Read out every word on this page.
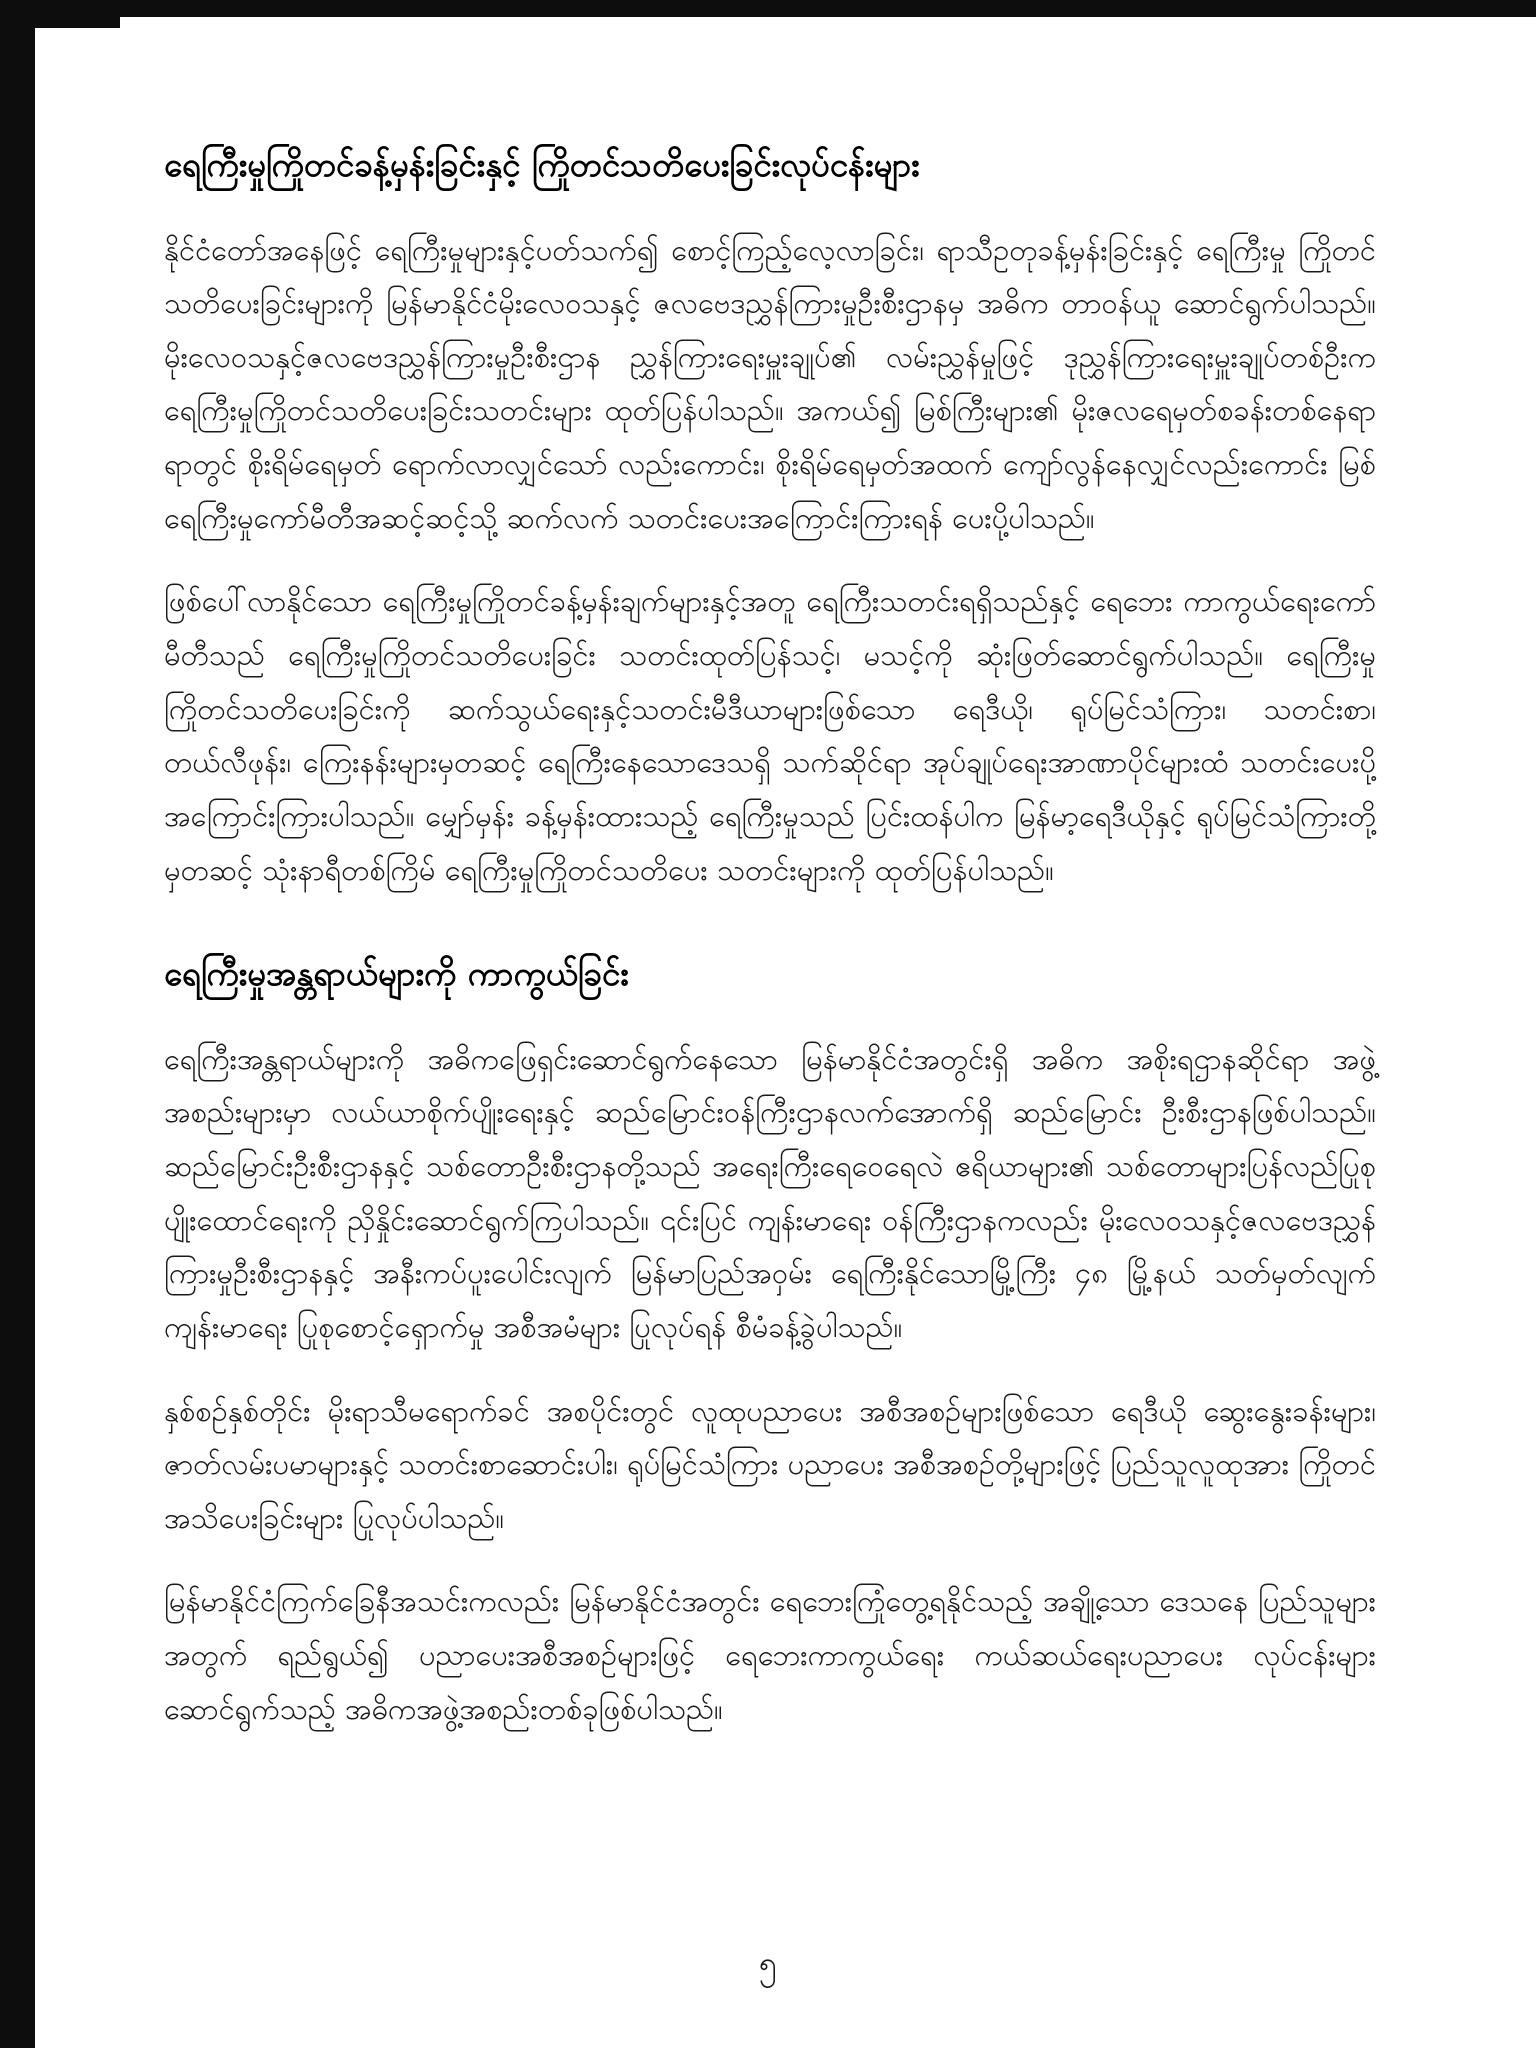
ရေကြီးမှုကြိုတင်ခန့်မှန်းခြင်းနှင့် ကြိုတင်သတိပေးခြင်းလုပ်ငန်းများ

နိုင်ငံတော်အနေဖြင့် ရေကြီးမှုများနှင့်ပတ်သက်၍ စောင့်ကြည့်လေ့လာခြင်း၊ ရာသီဥတုခန့်မှန်းခြင်းနှင့် ရေကြီးမှု ကြိုတင်သတိပေးခြင်းများကို မြန်မာနိုင်ငံမိုးလေဝသနှင့် ဇလဗေဒညွှန်ကြားမှုဦးစီးဌာနမှ အဓိက တာဝန်ယူ ဆောင်ရွက်ပါသည်။ မိုးလေဝသနှင့်ဇလဗေဒညွှန်ကြားမှုဦးစီးဌာန ညွှန်ကြားရေးမှူးချုပ်၏ လမ်းညွှန်မှုဖြင့် ဒုညွှန်ကြားရေးမှူးချုပ်တစ်ဦးက ရေကြီးမှုကြိုတင်သတိပေးခြင်းသတင်းများ ထုတ်ပြန်ပါသည်။ အကယ်၍ မြစ်ကြီးများ၏ မိုးဇလရေမှတ်စခန်းတစ်နေရာရာတွင် စိုးရိမ်ရေမှတ် ရောက်လာလျှင်သော် လည်းကောင်း၊ စိုးရိမ်ရေမှတ်အထက် ကျော်လွန်နေလျှင်လည်းကောင်း မြစ်ရေကြီးမှုကော်မီတီအဆင့်ဆင့်သို့ ဆက်လက် သတင်းပေးအကြောင်းကြားရန် ပေးပို့ပါသည်။

ဖြစ်ပေါ်လာနိုင်သော ရေကြီးမှုကြိုတင်ခန့်မှန်းချက်များနှင့်အတူ ရေကြီးသတင်းရရှိသည်နှင့် ရေဘေး ကာကွယ်ရေးကော်မီတီသည် ရေကြီးမှုကြိုတင်သတိပေးခြင်း သတင်းထုတ်ပြန်သင့်၊ မသင့်ကို ဆုံးဖြတ်ဆောင်ရွက်ပါသည်။ ရေကြီးမှုကြိုတင်သတိပေးခြင်းကို ဆက်သွယ်ရေးနှင့်သတင်းမီဒီယာများဖြစ်သော ရေဒီယို၊ ရုပ်မြင်သံကြား၊ သတင်းစာ၊ တယ်လီဖုန်း၊ ကြေးနန်းများမှတဆင့် ရေကြီးနေသောဒေသရှိ သက်ဆိုင်ရာ အုပ်ချုပ်ရေးအာဏာပိုင်များထံ သတင်းပေးပို့ အကြောင်းကြားပါသည်။ မျှော်မှန်း ခန့်မှန်းထားသည့် ရေကြီးမှုသည် ပြင်းထန်ပါက မြန်မာ့ရေဒီယိုနှင့် ရုပ်မြင်သံကြားတို့မှတဆင့် သုံးနာရီတစ်ကြိမ် ရေကြီးမှုကြိုတင်သတိပေး သတင်းများကို ထုတ်ပြန်ပါသည်။

ရေကြီးမှုအန္တရာယ်များကို ကာကွယ်ခြင်း

ရေကြီးအန္တရာယ်များကို အဓိကဖြေရှင်းဆောင်ရွက်နေသော မြန်မာနိုင်ငံအတွင်းရှိ အဓိက အစိုးရဌာနဆိုင်ရာ အဖွဲ့အစည်းများမှာ လယ်ယာစိုက်ပျိုးရေးနှင့် ဆည်မြောင်းဝန်ကြီးဌာနလက်အောက်ရှိ ဆည်မြောင်း ဦးစီးဌာနဖြစ်ပါသည်။ ဆည်မြောင်းဦးစီးဌာနနှင့် သစ်တောဦးစီးဌာနတို့သည် အရေးကြီးရေဝေရေလဲ ဧရိယာများ၏ သစ်တောများပြန်လည်ပြုစုပျိုးထောင်ရေးကို ညှိနှိုင်းဆောင်ရွက်ကြပါသည်။ ၎င်းပြင် ကျန်းမာရေး ဝန်ကြီးဌာနကလည်း မိုးလေဝသနှင့်ဇလဗေဒညွှန်ကြားမှုဦးစီးဌာနနှင့် အနီးကပ်ပူးပေါင်းလျက် မြန်မာပြည်အဝှမ်း ရေကြီးနိုင်သောမြို့ကြီး ၄၈ မြို့နယ် သတ်မှတ်လျက် ကျန်းမာရေး ပြုစုစောင့်ရှောက်မှု အစီအမံများ ပြုလုပ်ရန် စီမံခန့်ခွဲပါသည်။

နှစ်စဉ်နှစ်တိုင်း မိုးရာသီမရောက်ခင် အစပိုင်းတွင် လူထုပညာပေး အစီအစဉ်များဖြစ်သော ရေဒီယို ဆွေးနွေးခန်းများ၊ ဇာတ်လမ်းပမာများနှင့် သတင်းစာဆောင်းပါး၊ ရုပ်မြင်သံကြား ပညာပေး အစီအစဉ်တို့များဖြင့် ပြည်သူလူထုအား ကြိုတင်အသိပေးခြင်းများ ပြုလုပ်ပါသည်။

မြန်မာနိုင်ငံကြက်ခြေနီအသင်းကလည်း မြန်မာနိုင်ငံအတွင်း ရေဘေးကြုံတွေ့ရနိုင်သည့် အချို့သော ဒေသနေ ပြည်သူများအတွက် ရည်ရွယ်၍ ပညာပေးအစီအစဉ်များဖြင့် ရေဘေးကာကွယ်ရေး ကယ်ဆယ်ရေးပညာပေး လုပ်ငန်းများ ဆောင်ရွက်သည့် အဓိကအဖွဲ့အစည်းတစ်ခုဖြစ်ပါသည်။

၅
